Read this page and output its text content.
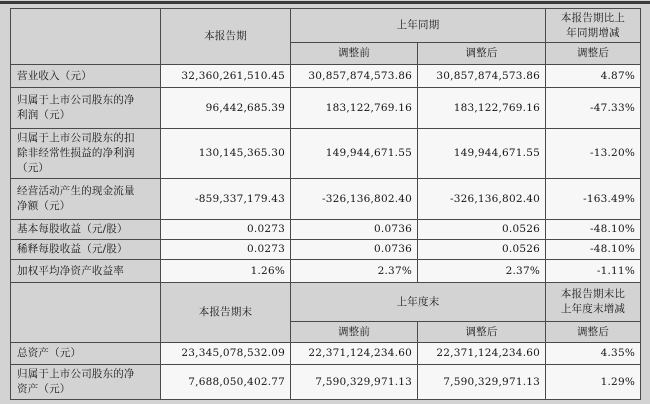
	本报告期	上年同期		本报告期比上年同期增减
		调整前	调整后	调整后
营业收入（元）	32,360,261,510.45	30,857,874,573.86	30,857,874,573.86	4.87%
归属于上市公司股东的净利润（元）	96,442,685.39	183,122,769.16	183,122,769.16	-47.33%
归属于上市公司股东的扣除非经常性损益的净利润（元）	130,145,365.30	149,944,671.55	149,944,671.55	-13.20%
经营活动产生的现金流量净额（元）	-859,337,179.43	-326,136,802.40	-326,136,802.40	-163.49%
基本每股收益（元/股）	0.0273	0.0736	0.0526	-48.10%
稀释每股收益（元/股）	0.0273	0.0736	0.0526	-48.10%
加权平均净资产收益率	1.26%	2.37%	2.37%	-1.11%
	本报告期末	上年度末		本报告期末比上年度末增减
		调整前	调整后	调整后
总资产（元）	23,345,078,532.09	22,371,124,234.60	22,371,124,234.60	4.35%
归属于上市公司股东的净资产（元）	7,688,050,402.77	7,590,329,971.13	7,590,329,971.13	1.29%
